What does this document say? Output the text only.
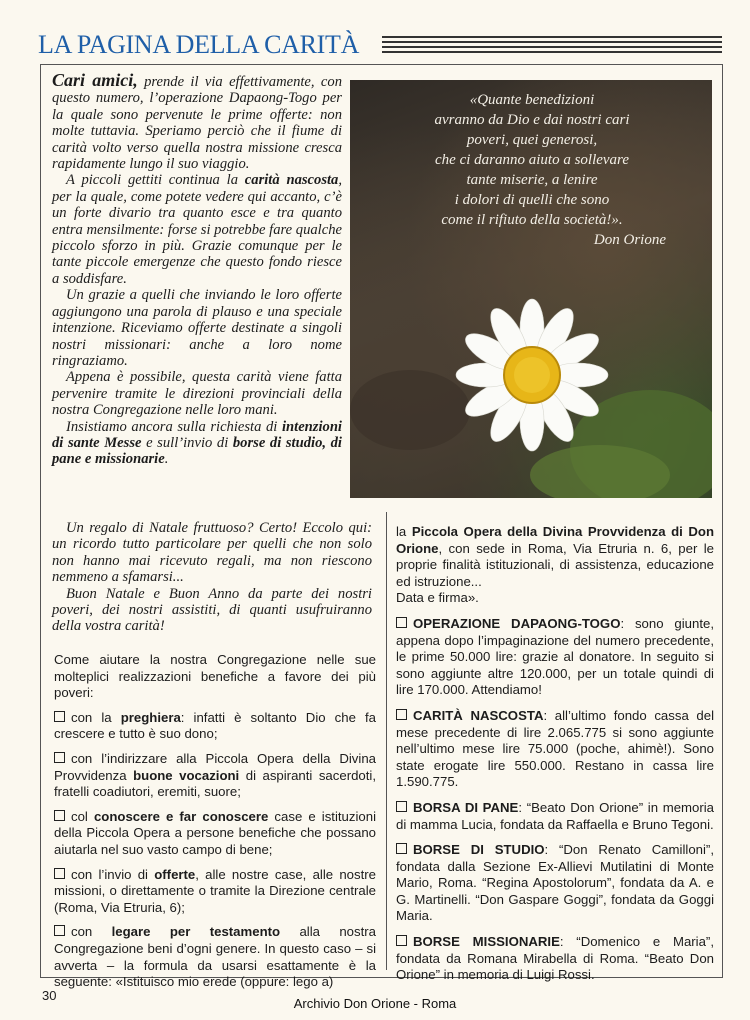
LA PAGINA DELLA CARITÀ

Cari amici, prende il via effettivamente, con questo numero, l’operazione Dapaong-Togo per la quale sono pervenute le prime offerte: non molte tuttavia. Speriamo perciò che il fiume di carità volto verso quella nostra missione cresca rapidamente lungo il suo viaggio.

A piccoli gettiti continua la carità nascosta, per la quale, come potete vedere qui accanto, c’è un forte divario tra quanto esce e tra quanto entra mensilmente: forse si potrebbe fare qualche piccolo sforzo in più. Grazie comunque per le tante piccole emergenze che questo fondo riesce a soddisfare.

Un grazie a quelli che inviando le loro offerte aggiungono una parola di plauso e una speciale intenzione. Riceviamo offerte destinate a singoli nostri missionari: anche a loro nome ringraziamo.

Appena è possibile, questa carità viene fatta pervenire tramite le direzioni provinciali della nostra Congregazione nelle loro mani.

Insistiamo ancora sulla richiesta di intenzioni di sante Messe e sull’invio di borse di studio, di pane e missionarie.

«Quante benedizioni
avranno da Dio e dai nostri cari
poveri, quei generosi,
che ci daranno aiuto a sollevare
tante miserie, a lenire
i dolori di quelli che sono
come il rifiuto della società!».
Don Orione

Un regalo di Natale fruttuoso? Certo! Eccolo qui: un ricordo tutto particolare per quelli che non solo non hanno mai ricevuto regali, ma non riescono nemmeno a sfamarsi...

Buon Natale e Buon Anno da parte dei nostri poveri, dei nostri assistiti, di quanti usufruiranno della vostra carità!

Come aiutare la nostra Congregazione nelle sue molteplici realizzazioni benefiche a favore dei più poveri:

con la preghiera: infatti è soltanto Dio che fa crescere e tutto è suo dono;

con l’indirizzare alla Piccola Opera della Divina Provvidenza buone vocazioni di aspiranti sacerdoti, fratelli coadiutori, eremiti, suore;

col conoscere e far conoscere case e istituzioni della Piccola Opera a persone benefiche che possano aiutarla nel suo vasto campo di bene;

con l’invio di offerte, alle nostre case, alle nostre missioni, o direttamente o tramite la Direzione centrale (Roma, Via Etruria, 6);

con legare per testamento alla nostra Congregazione beni d’ogni genere. In questo caso – si avverta – la formula da usarsi esattamente è la seguente: «Istituisco mio erede (oppure: lego a)

la Piccola Opera della Divina Provvidenza di Don Orione, con sede in Roma, Via Etruria n. 6, per le proprie finalità istituzionali, di assistenza, educazione ed istruzione...
Data e firma».

OPERAZIONE DAPAONG-TOGO: sono giunte, appena dopo l’impaginazione del numero precedente, le prime 50.000 lire: grazie al donatore. In seguito si sono aggiunte altre 120.000, per un totale quindi di lire 170.000. Attendiamo!

CARITÀ NASCOSTA: all’ultimo fondo cassa del mese precedente di lire 2.065.775 si sono aggiunte nell’ultimo mese lire 75.000 (poche, ahimè!). Sono state erogate lire 550.000. Restano in cassa lire 1.590.775.

BORSA DI PANE: “Beato Don Orione” in memoria di mamma Lucia, fondata da Raffaella e Bruno Tegoni.

BORSE DI STUDIO: “Don Renato Camilloni”, fondata dalla Sezione Ex-Allievi Mutilatini di Monte Mario, Roma. “Regina Apostolorum”, fondata da A. e G. Martinelli. “Don Gaspare Goggi”, fondata da Goggi Maria.

BORSE MISSIONARIE: “Domenico e Maria”, fondata da Romana Mirabella di Roma. “Beato Don Orione” in memoria di Luigi Rossi.

30
Archivio Don Orione - Roma
